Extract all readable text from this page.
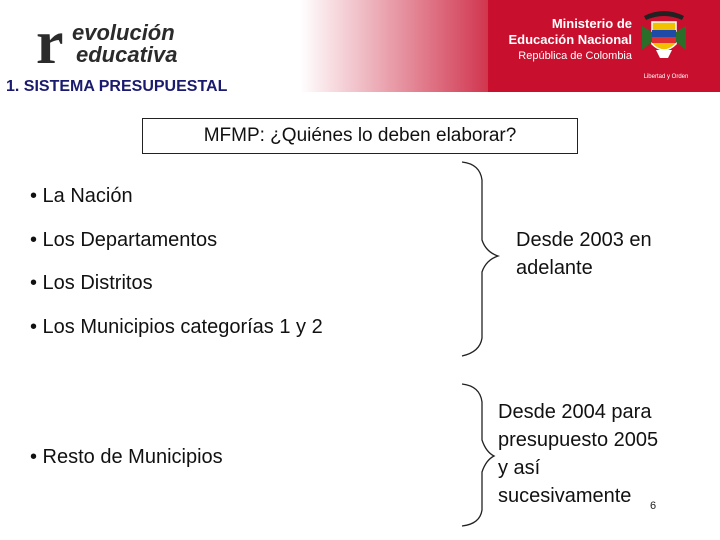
r evolución
educativa
Ministerio de
Educación Nacional
República de Colombia
Libertad y Orden
1. SISTEMA PRESUPUESTAL
MFMP: ¿Quiénes lo deben elaborar?
• La Nación
• Los Departamentos
• Los Distritos
• Los Municipios categorías 1 y 2
• Resto de Municipios
Desde 2003 en
adelante
Desde 2004 para
presupuesto 2005
y así
sucesivamente	6
